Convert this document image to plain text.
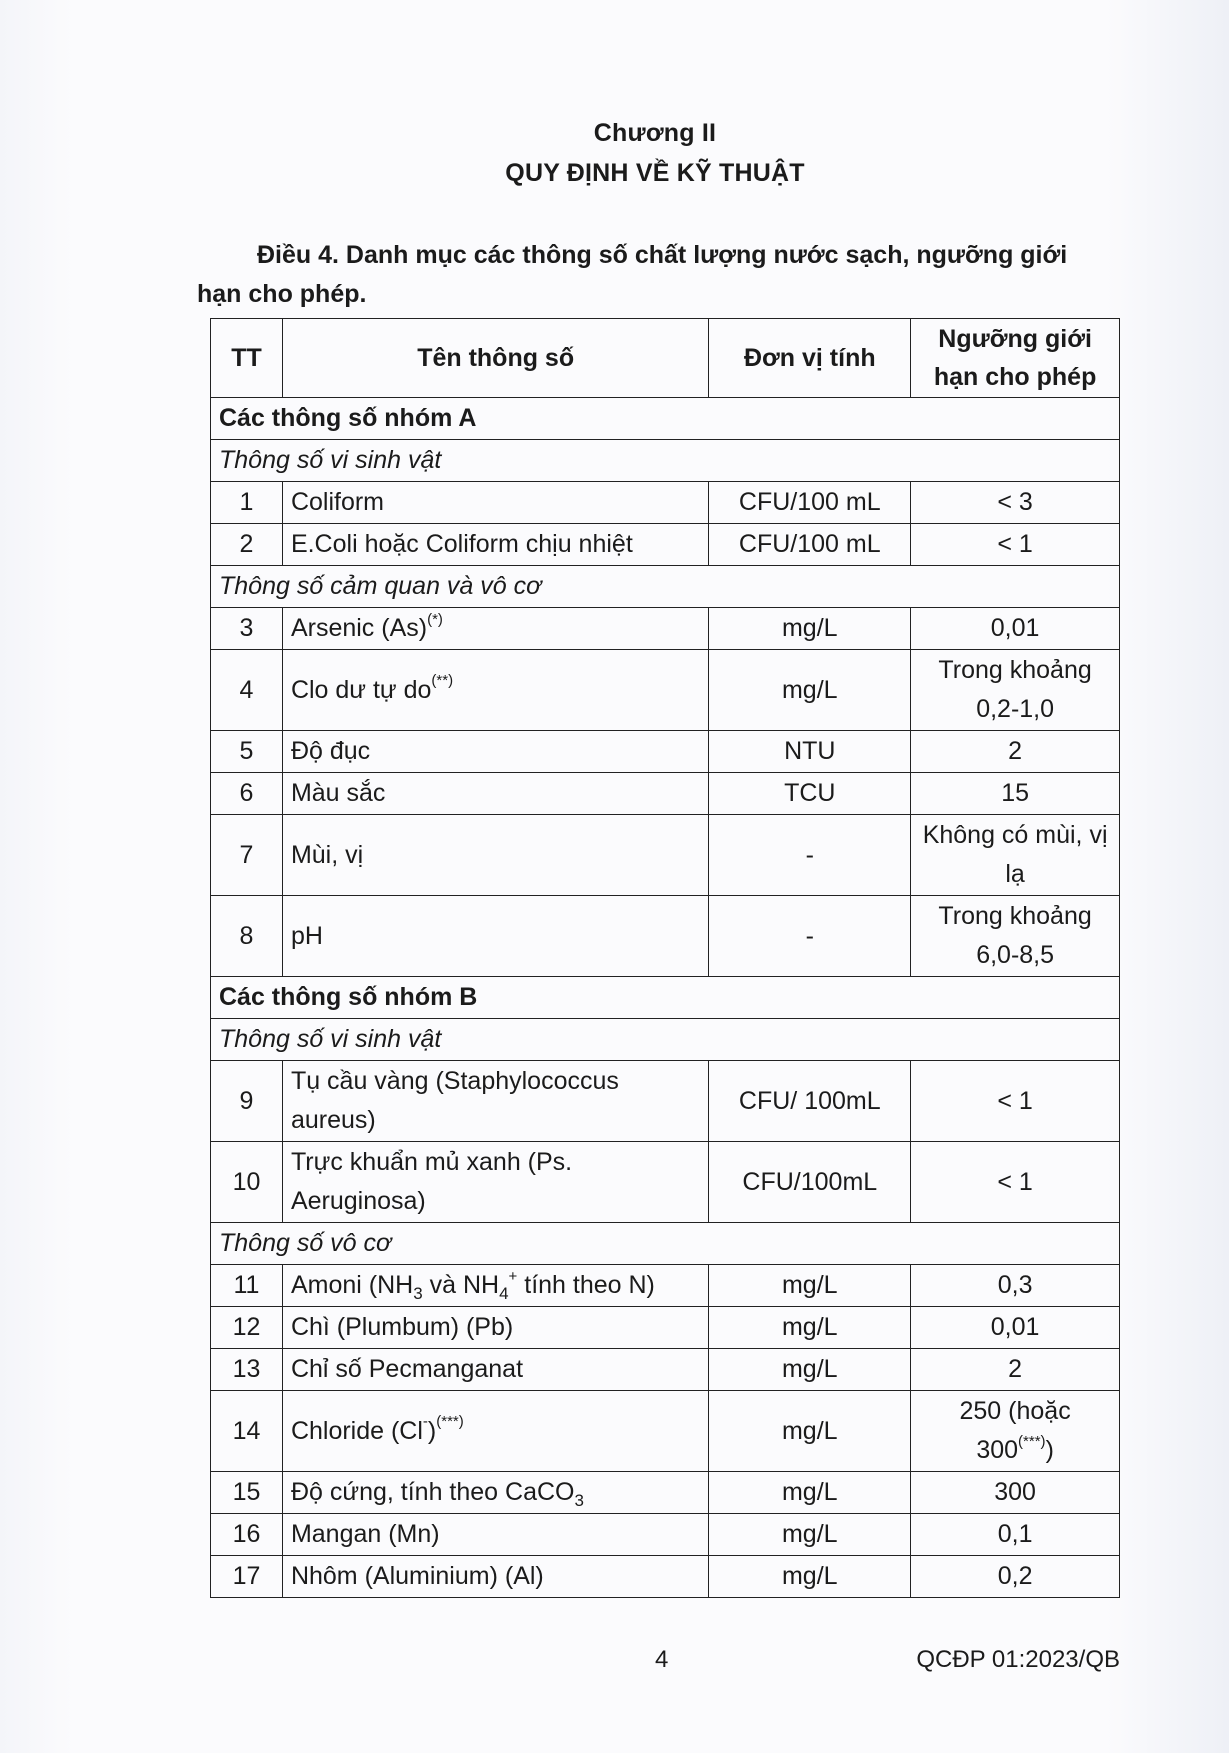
Chương II
QUY ĐỊNH VỀ KỸ THUẬT
Điều 4. Danh mục các thông số chất lượng nước sạch, ngưỡng giới hạn cho phép.
TT	Tên thông số	Đơn vị tính	Ngưỡng giới hạn cho phép
Các thông số nhóm A			
Thông số vi sinh vật			
1	Coliform	CFU/100 mL	< 3
2	E.Coli hoặc Coliform chịu nhiệt	CFU/100 mL	< 1
Thông số cảm quan và vô cơ			
3	Arsenic (As)(*)	mg/L	0,01
4	Clo dư tự do(**)	mg/L	Trong khoảng 0,2-1,0
5	Độ đục	NTU	2
6	Màu sắc	TCU	15
7	Mùi, vị	-	Không có mùi, vị lạ
8	pH	-	Trong khoảng 6,0-8,5
Các thông số nhóm B			
Thông số vi sinh vật			
9	Tụ cầu vàng (Staphylococcus aureus)	CFU/ 100mL	< 1
10	Trực khuẩn mủ xanh (Ps. Aeruginosa)	CFU/100mL	< 1
Thông số vô cơ			
11	Amoni ($NH_3$ và $NH_4^+$ tính theo N)	mg/L	0,3
12	Chì (Plumbum) (Pb)	mg/L	0,01
13	Chỉ số Pecmanganat	mg/L	2
14	Chloride (Cl-)(***)	mg/L	250 (hoặc 300(***))
15	Độ cứng, tính theo CaCO$_3$	mg/L	300
16	Mangan (Mn)	mg/L	0,1
17	Nhôm (Aluminium) (Al)	mg/L	0,2
4	QCĐP 01:2023/QB
